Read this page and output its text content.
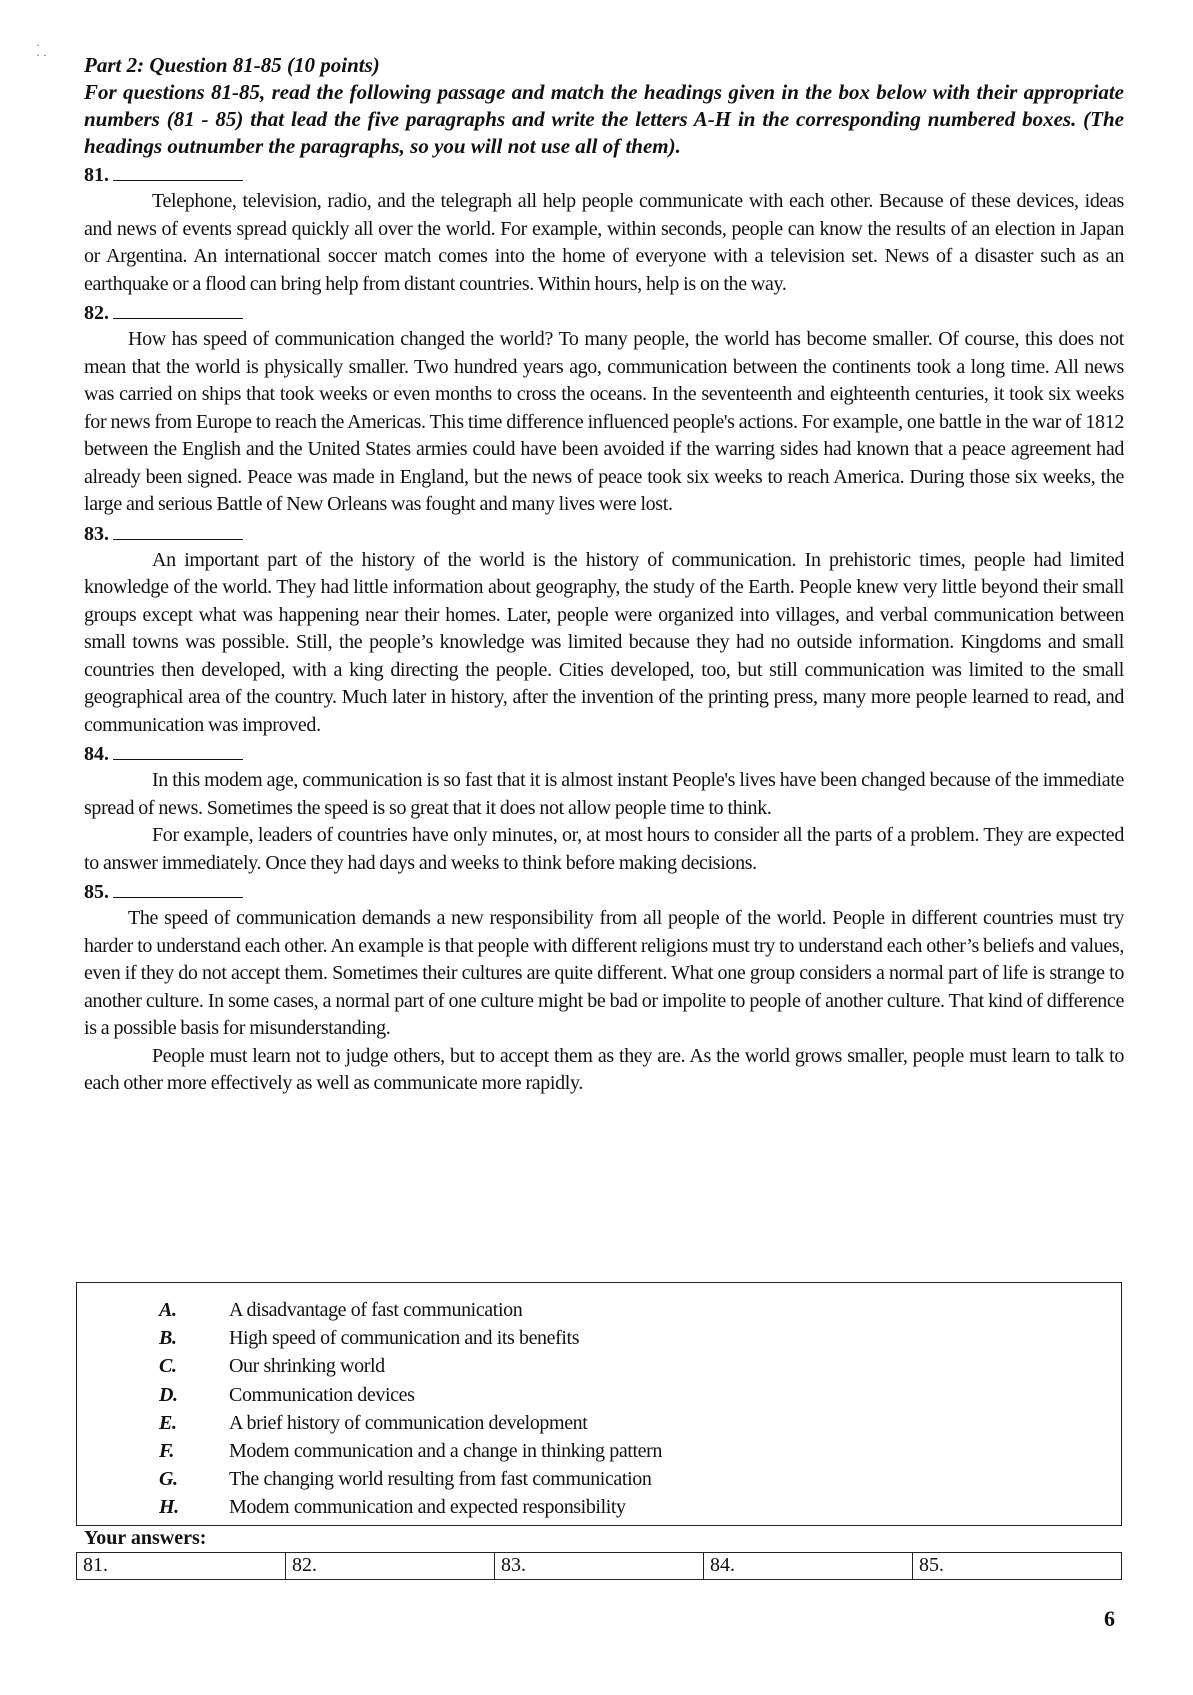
·
· · Part 2: Question 81-85 (10 points)

For questions 81-85, read the following passage and match the headings given in the box below with their appropriate numbers (81 - 85) that lead the five paragraphs and write the letters A-H in the corresponding numbered boxes. (The headings outnumber the paragraphs, so you will not use all of them).

81.

Telephone, television, radio, and the telegraph all help people communicate with each other. Because of these devices, ideas and news of events spread quickly all over the world. For example, within seconds, people can know the results of an election in Japan or Argentina. An international soccer match comes into the home of everyone with a television set. News of a disaster such as an earthquake or a flood can bring help from distant countries. Within hours, help is on the way.

82.

How has speed of communication changed the world? To many people, the world has become smaller. Of course, this does not mean that the world is physically smaller. Two hundred years ago, communication between the continents took a long time. All news was carried on ships that took weeks or even months to cross the oceans. In the seventeenth and eighteenth centuries, it took six weeks for news from Europe to reach the Americas. This time difference influenced people's actions. For example, one battle in the war of 1812 between the English and the United States armies could have been avoided if the warring sides had known that a peace agreement had already been signed. Peace was made in England, but the news of peace took six weeks to reach America. During those six weeks, the large and serious Battle of New Orleans was fought and many lives were lost.

83.

An important part of the history of the world is the history of communication. In prehistoric times, people had limited knowledge of the world. They had little information about geography, the study of the Earth. People knew very little beyond their small groups except what was happening near their homes. Later, people were organized into villages, and verbal communication between small towns was possible. Still, the people’s knowledge was limited because they had no outside information. Kingdoms and small countries then developed, with a king directing the people. Cities developed, too, but still communication was limited to the small geographical area of the country. Much later in history, after the invention of the printing press, many more people learned to read, and communication was improved.

84.

In this modem age, communication is so fast that it is almost instant People's lives have been changed because of the immediate spread of news. Sometimes the speed is so great that it does not allow people time to think.

For example, leaders of countries have only minutes, or, at most hours to consider all the parts of a problem. They are expected to answer immediately. Once they had days and weeks to think before making decisions.

85.

The speed of communication demands a new responsibility from all people of the world. People in different countries must try harder to understand each other. An example is that people with different religions must try to understand each other’s beliefs and values, even if they do not accept them. Sometimes their cultures are quite different. What one group considers a normal part of life is strange to another culture. In some cases, a normal part of one culture might be bad or impolite to people of another culture. That kind of difference is a possible basis for misunderstanding.

People must learn not to judge others, but to accept them as they are. As the world grows smaller, people must learn to talk to each other more effectively as well as communicate more rapidly.

A.	A disadvantage of fast communication
B.	High speed of communication and its benefits
C.	Our shrinking world
D.	Communication devices
E.	A brief history of communication development
F.	Modem communication and a change in thinking pattern
G.	The changing world resulting from fast communication
H.	Modem communication and expected responsibility
Your answers:
81.	82.	83.	84.	85.
6
